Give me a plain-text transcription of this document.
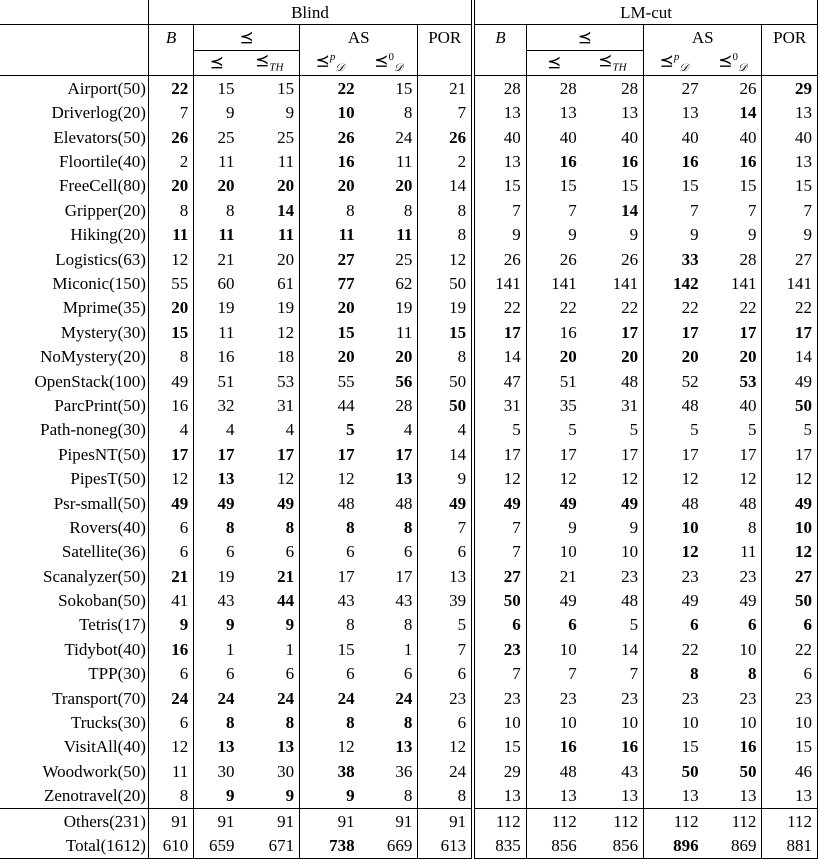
	Blind						LM-cut					
	B	⪯		AS		POR	B	⪯		AS		POR
		⪯	$⪯_{TH}$	⪯$^p_𝒟$	⪯$^0_𝒟$			⪯	$⪯_{TH}$	⪯$^p_𝒟$	⪯$^0_𝒟$	
Airport(50)	22	15	15	22	15	21	28	28	28	27	26	29
Driverlog(20)	7	9	9	10	8	7	13	13	13	13	14	13
Elevators(50)	26	25	25	26	24	26	40	40	40	40	40	40
Floortile(40)	2	11	11	16	11	2	13	16	16	16	16	13
FreeCell(80)	20	20	20	20	20	14	15	15	15	15	15	15
Gripper(20)	8	8	14	8	8	8	7	7	14	7	7	7
Hiking(20)	11	11	11	11	11	8	9	9	9	9	9	9
Logistics(63)	12	21	20	27	25	12	26	26	26	33	28	27
Miconic(150)	55	60	61	77	62	50	141	141	141	142	141	141
Mprime(35)	20	19	19	20	19	19	22	22	22	22	22	22
Mystery(30)	15	11	12	15	11	15	17	16	17	17	17	17
NoMystery(20)	8	16	18	20	20	8	14	20	20	20	20	14
OpenStack(100)	49	51	53	55	56	50	47	51	48	52	53	49
ParcPrint(50)	16	32	31	44	28	50	31	35	31	48	40	50
Path-noneg(30)	4	4	4	5	4	4	5	5	5	5	5	5
PipesNT(50)	17	17	17	17	17	14	17	17	17	17	17	17
PipesT(50)	12	13	12	12	13	9	12	12	12	12	12	12
Psr-small(50)	49	49	49	48	48	49	49	49	49	48	48	49
Rovers(40)	6	8	8	8	8	7	7	9	9	10	8	10
Satellite(36)	6	6	6	6	6	6	7	10	10	12	11	12
Scanalyzer(50)	21	19	21	17	17	13	27	21	23	23	23	27
Sokoban(50)	41	43	44	43	43	39	50	49	48	49	49	50
Tetris(17)	9	9	9	8	8	5	6	6	5	6	6	6
Tidybot(40)	16	1	1	15	1	7	23	10	14	22	10	22
TPP(30)	6	6	6	6	6	6	7	7	7	8	8	6
Transport(70)	24	24	24	24	24	23	23	23	23	23	23	23
Trucks(30)	6	8	8	8	8	6	10	10	10	10	10	10
VisitAll(40)	12	13	13	12	13	12	15	16	16	15	16	15
Woodwork(50)	11	30	30	38	36	24	29	48	43	50	50	46
Zenotravel(20)	8	9	9	9	8	8	13	13	13	13	13	13
Others(231)	91	91	91	91	91	91	112	112	112	112	112	112
Total(1612)	610	659	671	738	669	613	835	856	856	896	869	881
